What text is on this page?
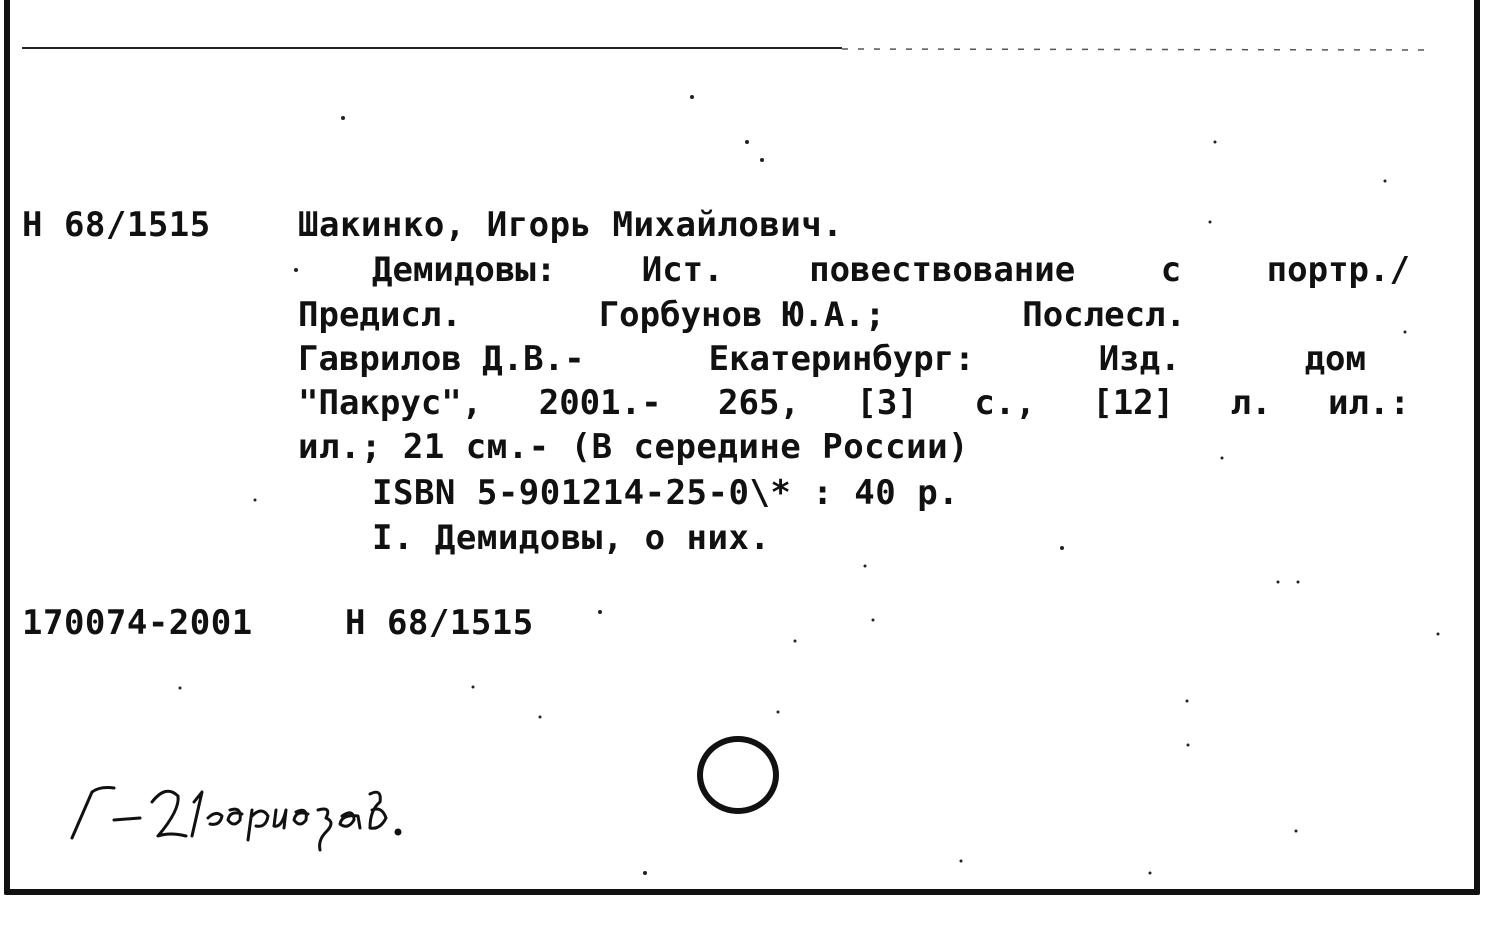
Н 68/1515	Шакинко, Игорь Михайлович.
Демидовы:	Ист.	повествование	с	портр./
Предисл.	Горбунов Ю.А.;	Послесл.
Гаврилов Д.В.-	Екатеринбург:	Изд.	дом
"Пакрус", 2001.- 265, [3] с., [12] л. ил.:
ил.; 21 см.- (В середине России)
ISBN 5-901214-25-0\* : 40 р.
I. Демидовы, о них.
170074-2001	Н 68/1515
